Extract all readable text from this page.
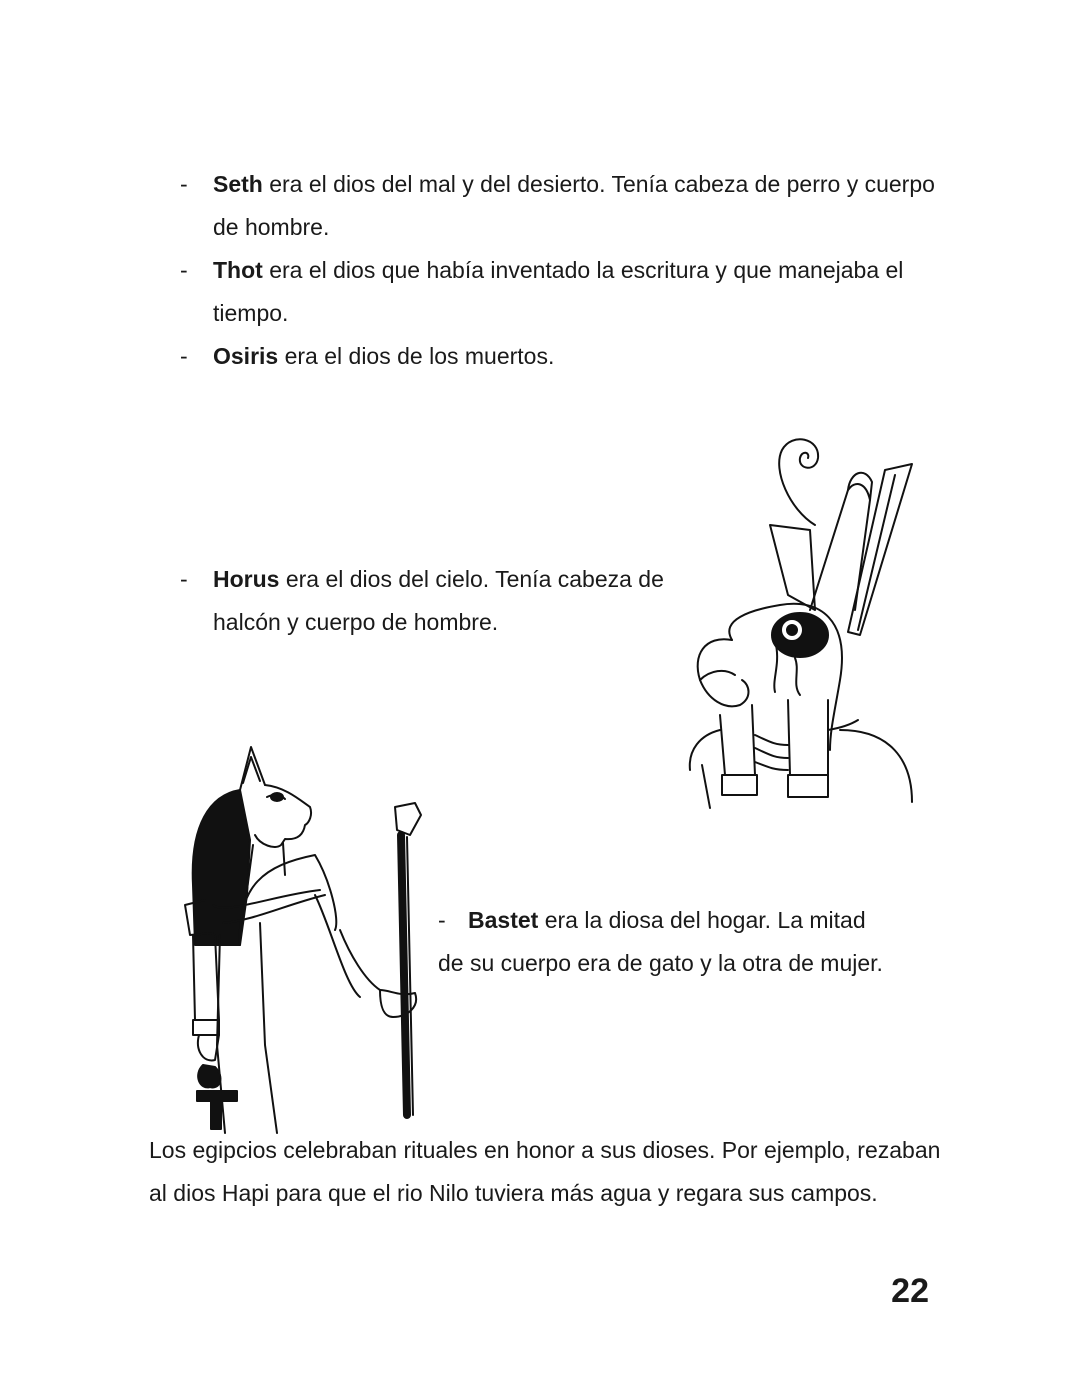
- Seth era el dios del mal y del desierto. Tenía cabeza de perro y cuerpo de hombre.

- Thot era el dios que había inventado la escritura y que manejaba el tiempo.

- Osiris era el dios de los muertos.

- Horus era el dios del cielo. Tenía cabeza de halcón y cuerpo de hombre.

- Bastet era la diosa del hogar. La mitad
de su cuerpo era de gato y la otra de mujer.

Los egipcios celebraban rituales en honor a sus dioses. Por ejemplo, rezaban al dios Hapi para que el rio Nilo tuviera más agua y regara sus campos.

22
